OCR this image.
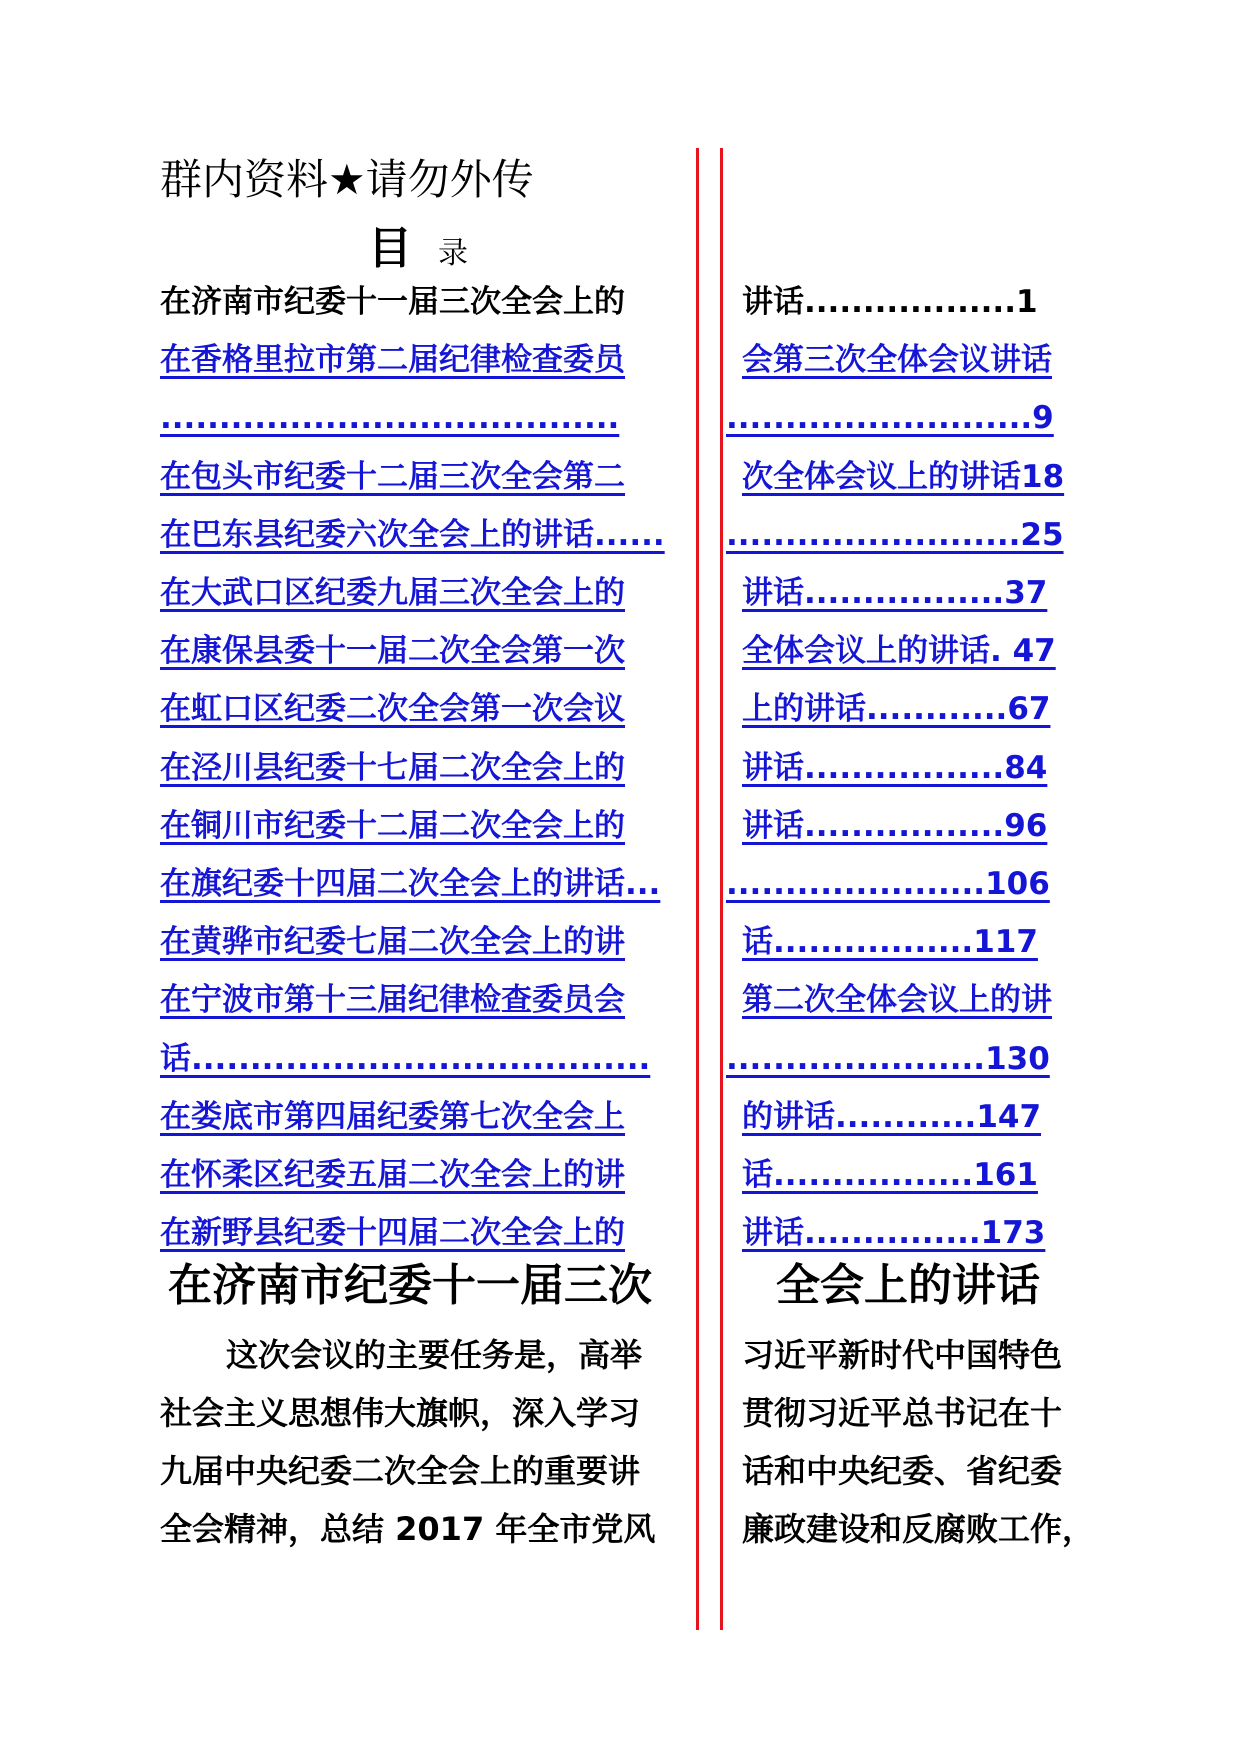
群内资料★请勿外传
目 录
在济南市纪委十一届三次全会上的	讲话..................1
在香格里拉市第二届纪律检查委员	会第三次全体会议讲话
.......................................	..........................9
在包头市纪委十二届三次全会第二	次全体会议上的讲话18
在巴东县纪委六次全会上的讲话......	.........................25
在大武口区纪委九届三次全会上的	讲话.................37
在康保县委十一届二次全会第一次	全体会议上的讲话. 47
在虹口区纪委二次全会第一次会议	上的讲话............67
在泾川县纪委十七届二次全会上的	讲话.................84
在铜川市纪委十二届二次全会上的	讲话.................96
在旗纪委十四届二次全会上的讲话...	......................106
在黄骅市纪委七届二次全会上的讲	话.................117
在宁波市第十三届纪律检查委员会	第二次全体会议上的讲
话.......................................	......................130
在娄底市第四届纪委第七次全会上	的讲话............147
在怀柔区纪委五届二次全会上的讲	话.................161
在新野县纪委十四届二次全会上的	讲话...............173
在济南市纪委十一届三次	全会上的讲话
这次会议的主要任务是，高举	习近平新时代中国特色
社会主义思想伟大旗帜，深入学习	贯彻习近平总书记在十
九届中央纪委二次全会上的重要讲	话和中央纪委、省纪委
全会精神，总结 2017 年全市党风	廉政建设和反腐败工作，
